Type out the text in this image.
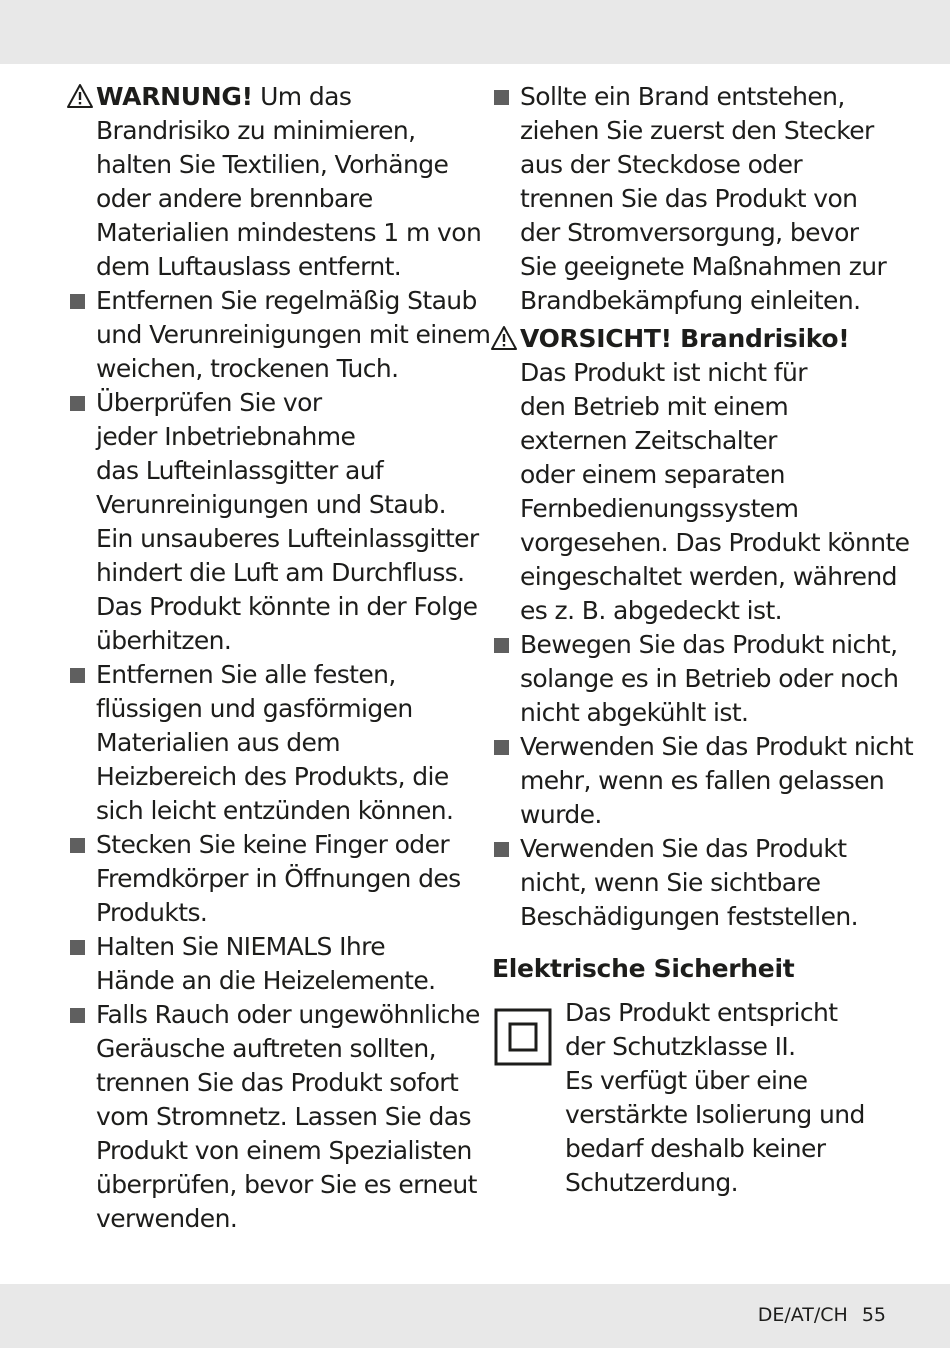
WARNUNG! Um das
Brandrisiko zu minimieren,
halten Sie Textilien, Vorhänge
oder andere brennbare
Materialien mindestens 1 m von
dem Luftauslass entfernt.
Entfernen Sie regelmäßig Staub
und Verunreinigungen mit einem
weichen, trockenen Tuch.
Überprüfen Sie vor
jeder Inbetriebnahme
das Lufteinlassgitter auf
Verunreinigungen und Staub.
Ein unsauberes Lufteinlassgitter
hindert die Luft am Durchfluss.
Das Produkt könnte in der Folge
überhitzen.
Entfernen Sie alle festen,
flüssigen und gasförmigen
Materialien aus dem
Heizbereich des Produkts, die
sich leicht entzünden können.
Stecken Sie keine Finger oder
Fremdkörper in Öffnungen des
Produkts.
Halten Sie NIEMALS Ihre
Hände an die Heizelemente.
Falls Rauch oder ungewöhnliche
Geräusche auftreten sollten,
trennen Sie das Produkt sofort
vom Stromnetz. Lassen Sie das
Produkt von einem Spezialisten
überprüfen, bevor Sie es erneut
verwenden.
Sollte ein Brand entstehen,
ziehen Sie zuerst den Stecker
aus der Steckdose oder
trennen Sie das Produkt von
der Stromversorgung, bevor
Sie geeignete Maßnahmen zur
Brandbekämpfung einleiten.
VORSICHT! Brandrisiko!
Das Produkt ist nicht für
den Betrieb mit einem
externen Zeitschalter
oder einem separaten
Fernbedienungssystem
vorgesehen. Das Produkt könnte
eingeschaltet werden, während
es z. B. abgedeckt ist.
Bewegen Sie das Produkt nicht,
solange es in Betrieb oder noch
nicht abgekühlt ist.
Verwenden Sie das Produkt nicht
mehr, wenn es fallen gelassen
wurde.
Verwenden Sie das Produkt
nicht, wenn Sie sichtbare
Beschädigungen feststellen.
Elektrische Sicherheit
Das Produkt entspricht
der Schutzklasse II.
Es verfügt über eine
verstärkte Isolierung und
bedarf deshalb keiner
Schutzerdung.
DE/AT/CH 55
